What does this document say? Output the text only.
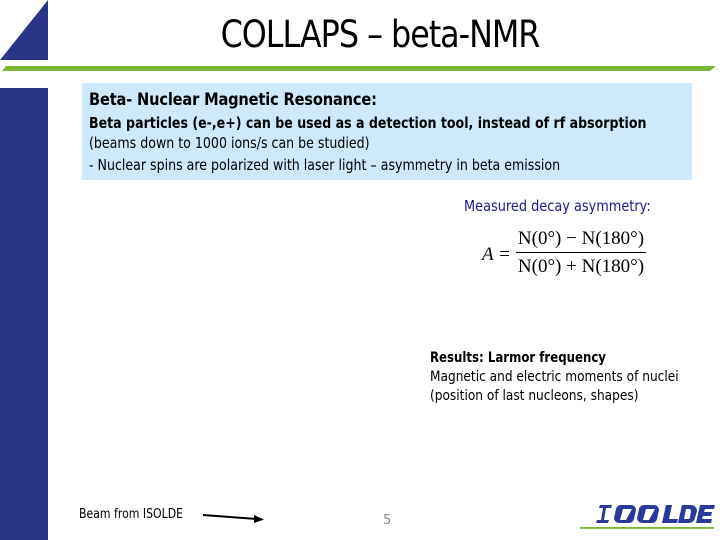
COLLAPS – beta-NMR
Beta- Nuclear Magnetic Resonance:
Beta particles (e-,e+) can be used as a detection tool, instead of rf absorption
(beams down to 1000 ions/s can be studied)
- Nuclear spins are polarized with laser light – asymmetry in beta emission
Measured decay asymmetry:
A =
N(0°) − N(180°)
N(0°) + N(180°)
Results: Larmor frequency
Magnetic and electric moments of nuclei
(position of last nucleons, shapes)
Beam from ISOLDE	5
